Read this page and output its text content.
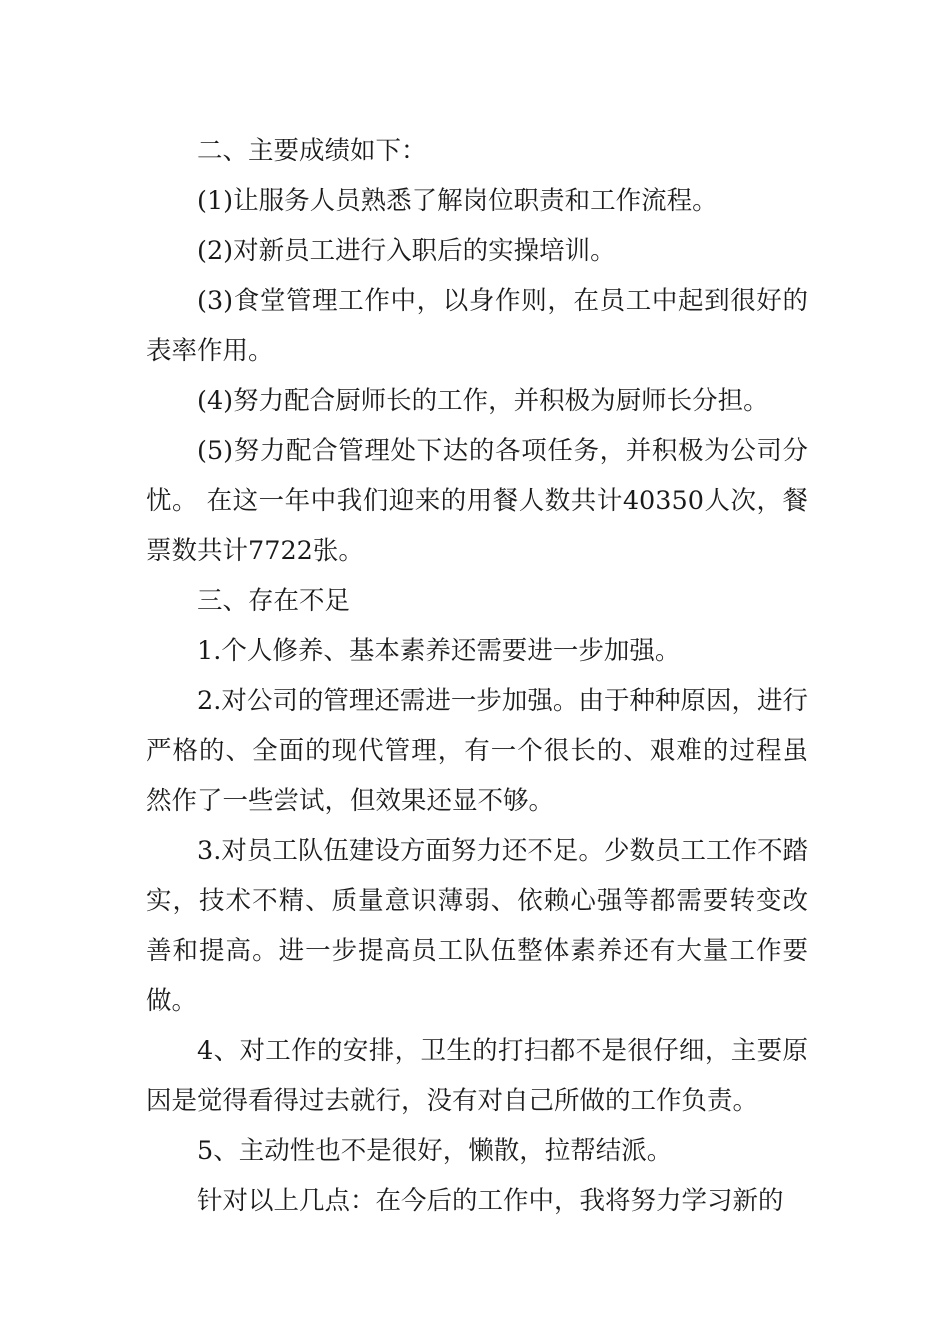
二、主要成绩如下：

(1)让服务人员熟悉了解岗位职责和工作流程。

(2)对新员工进行入职后的实操培训。

(3)食堂管理工作中，以身作则，在员工中起到很好的表率作用。

(4)努力配合厨师长的工作，并积极为厨师长分担。

(5)努力配合管理处下达的各项任务，并积极为公司分忧。 在这一年中我们迎来的用餐人数共计40350人次，餐票数共计7722张。

三、存在不足

1.个人修养、基本素养还需要进一步加强。

2.对公司的管理还需进一步加强。由于种种原因，进行严格的、全面的现代管理，有一个很长的、艰难的过程虽然作了一些尝试，但效果还显不够。

3.对员工队伍建设方面努力还不足。少数员工工作不踏实，技术不精、质量意识薄弱、依赖心强等都需要转变改善和提高。进一步提高员工队伍整体素养还有大量工作要做。

4、对工作的安排，卫生的打扫都不是很仔细，主要原因是觉得看得过去就行，没有对自己所做的工作负责。

5、主动性也不是很好，懒散，拉帮结派。

针对以上几点：在今后的工作中，我将努力学习新的
